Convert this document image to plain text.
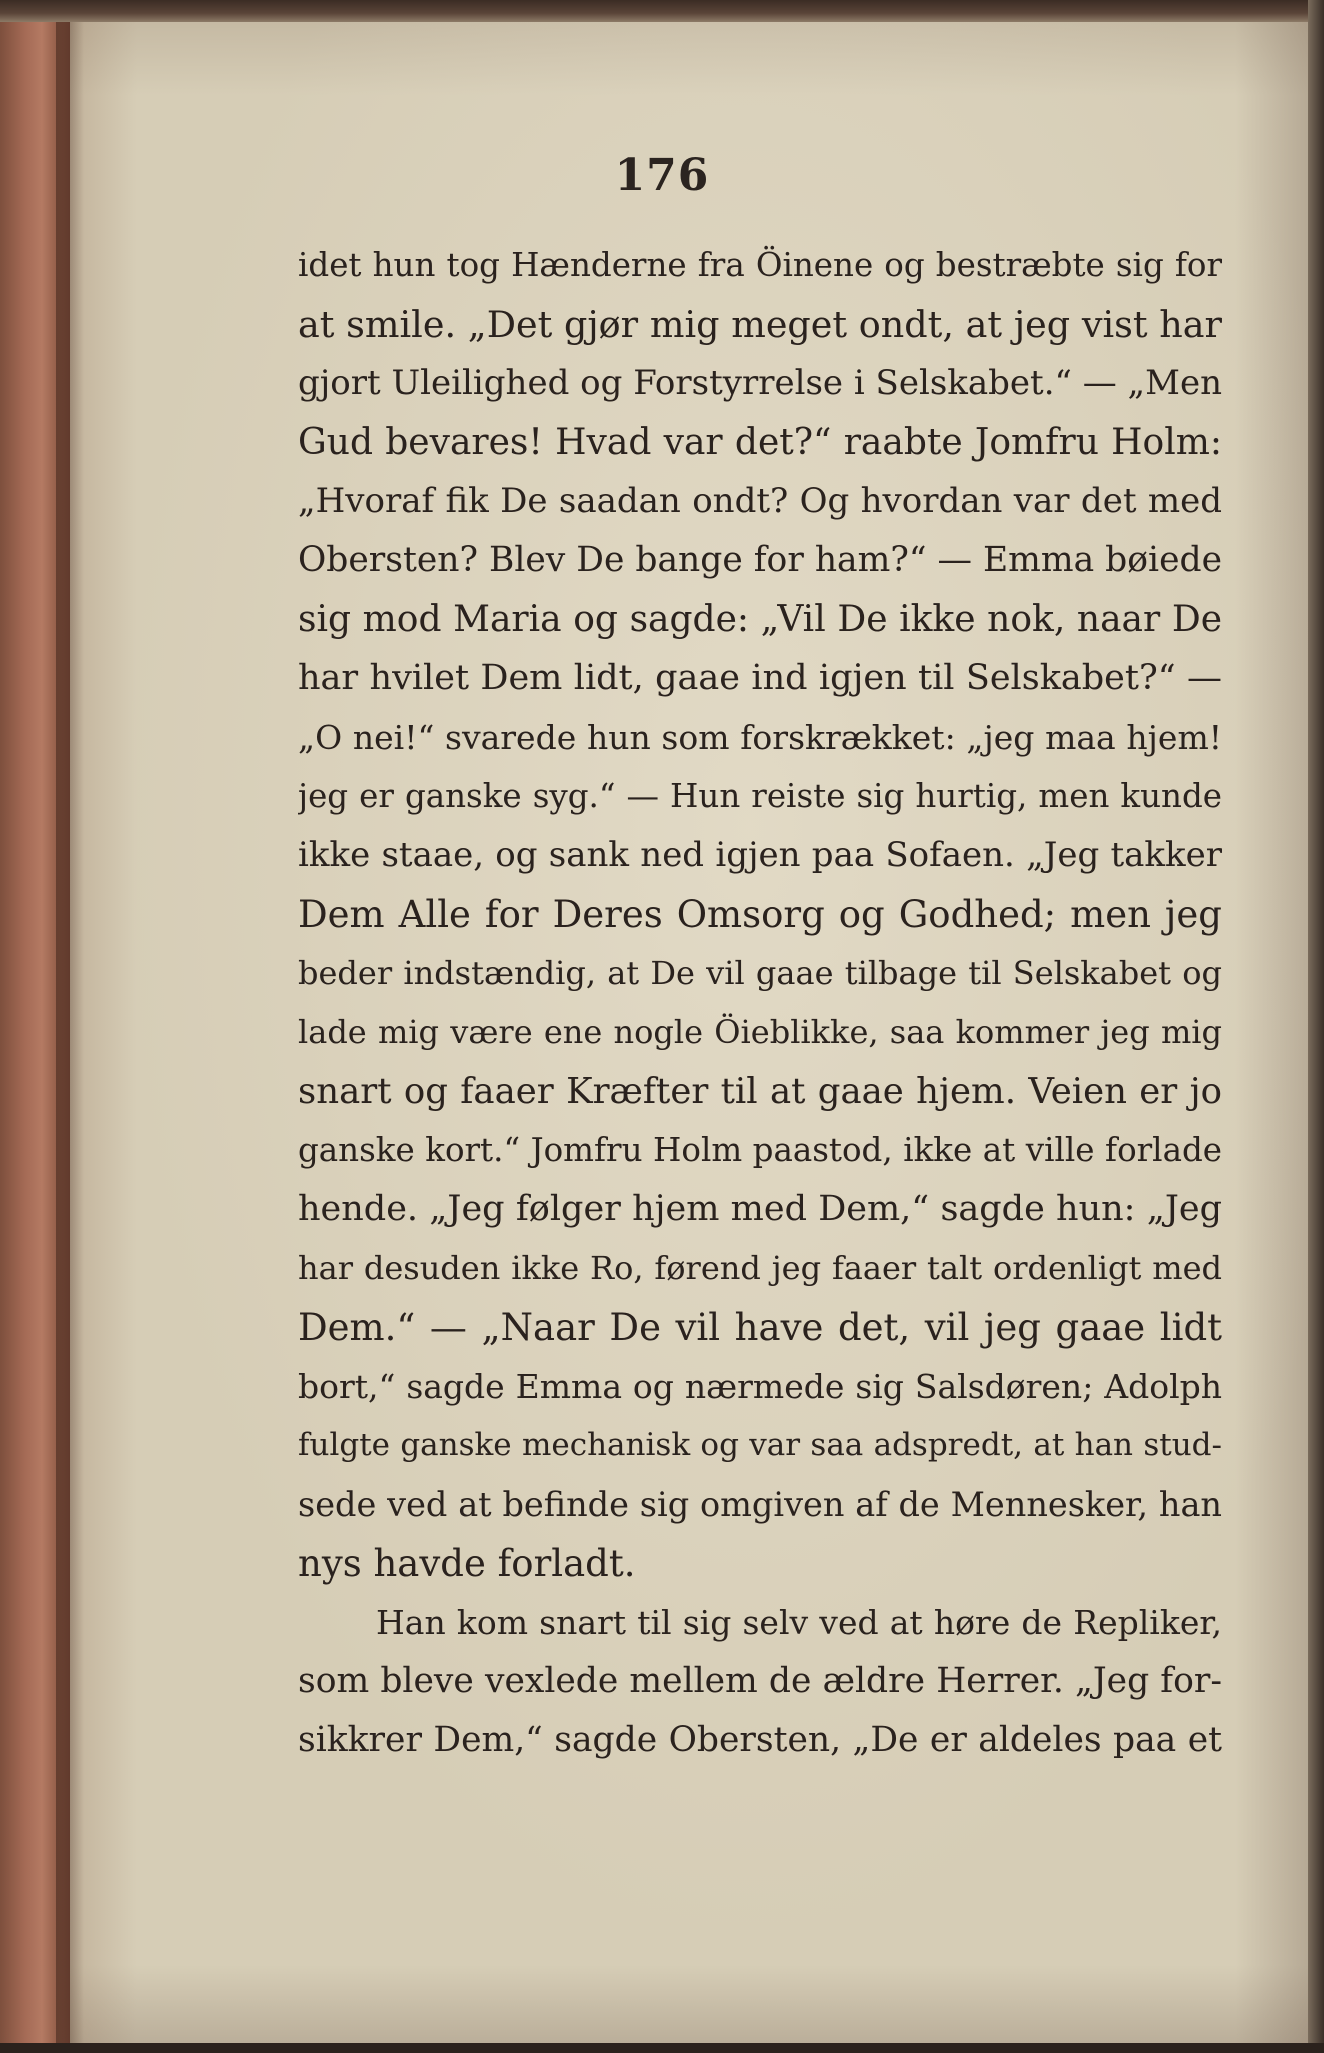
176
idet hun tog Hænderne fra Öinene og bestræbte sig for
at smile. „Det gjør mig meget ondt, at jeg vist har
gjort Uleilighed og Forstyrrelse i Selskabet.“ — „Men
Gud bevares! Hvad var det?“ raabte Jomfru Holm:
„Hvoraf fik De saadan ondt? Og hvordan var det med
Obersten? Blev De bange for ham?“ — Emma bøiede
sig mod Maria og sagde: „Vil De ikke nok, naar De
har hvilet Dem lidt, gaae ind igjen til Selskabet?“ —
„O nei!“ svarede hun som forskrækket: „jeg maa hjem!
jeg er ganske syg.“ — Hun reiste sig hurtig, men kunde
ikke staae, og sank ned igjen paa Sofaen. „Jeg takker
Dem Alle for Deres Omsorg og Godhed; men jeg
beder indstændig, at De vil gaae tilbage til Selskabet og
lade mig være ene nogle Öieblikke, saa kommer jeg mig
snart og faaer Kræfter til at gaae hjem. Veien er jo
ganske kort.“ Jomfru Holm paastod, ikke at ville forlade
hende. „Jeg følger hjem med Dem,“ sagde hun: „Jeg
har desuden ikke Ro, førend jeg faaer talt ordenligt med
Dem.“ — „Naar De vil have det, vil jeg gaae lidt
bort,“ sagde Emma og nærmede sig Salsdøren; Adolph
fulgte ganske mechanisk og var saa adspredt, at han stud-
sede ved at befinde sig omgiven af de Mennesker, han
nys havde forladt.
Han kom snart til sig selv ved at høre de Repliker,
som bleve vexlede mellem de ældre Herrer. „Jeg for-
sikkrer Dem,“ sagde Obersten, „De er aldeles paa et
